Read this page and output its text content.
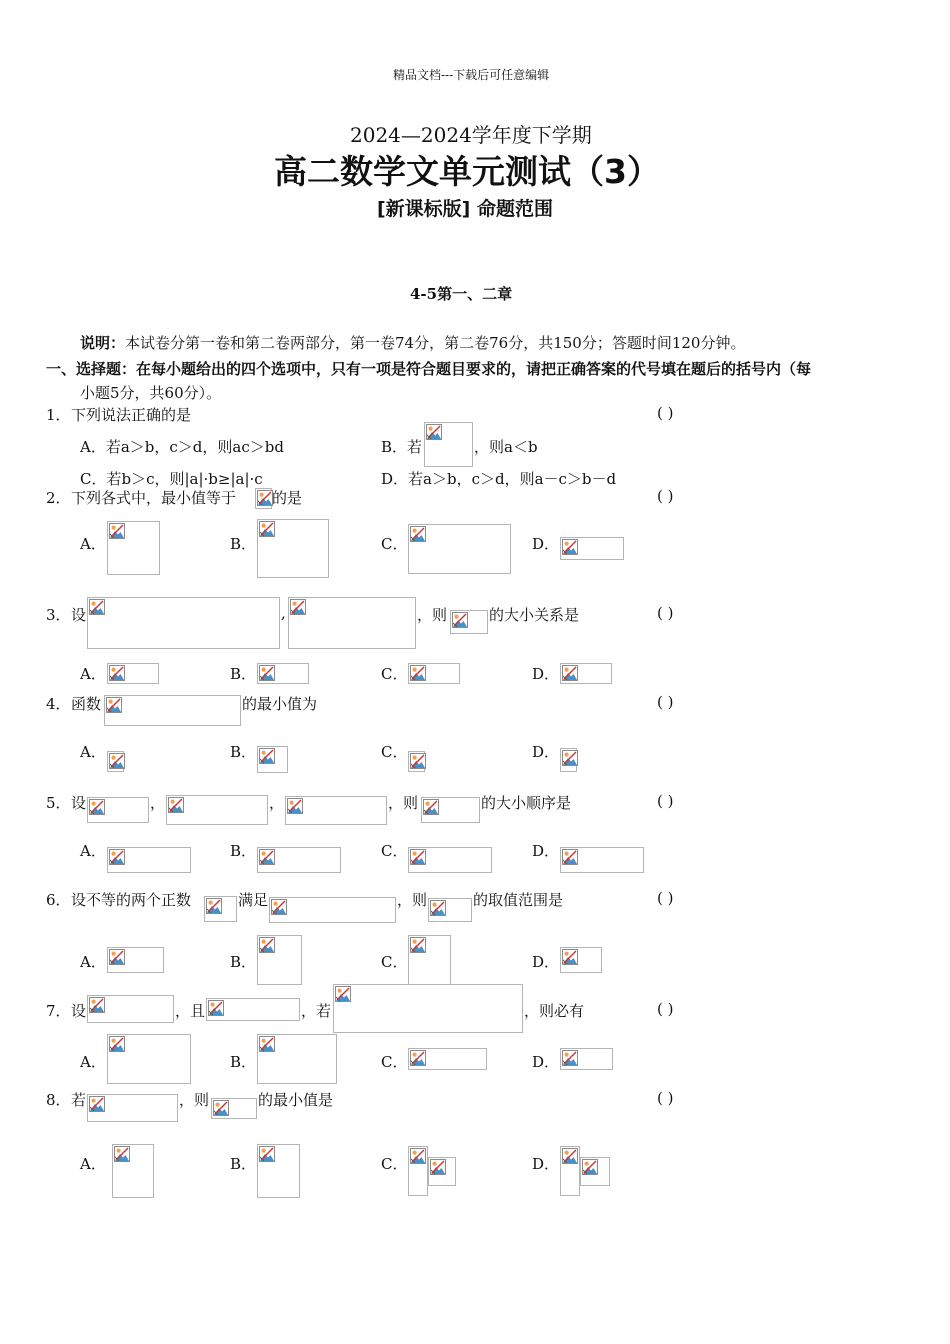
精品文档---下载后可任意编辑
2024—2024学年度下学期
高二数学文单元测试（3）
[新课标版] 命题范围
4-5第一、二章
说明：本试卷分第一卷和第二卷两部分，第一卷74分，第二卷76分，共150分；答题时间120分钟。
一、选择题：在每小题给出的四个选项中，只有一项是符合题目要求的，请把正确答案的代号填在题后的括号内（每
小题5分，共60分）。
1． 下列说法正确的是	( )
A．若a＞b，c＞d，则ac＞bd	B．若	，则a＜b
C．若b＞c，则|a|·b≥|a|·c	D．若a＞b，c＞d，则a－c＞b－d
2． 下列各式中，最小值等于 的是	( )
A．	B．	C．	D．
3． 设	,	，则	的大小关系是	( )
A．	B．	C．	D．
4． 函数	的最小值为	( )
A．	B．	C．	D．
5． 设	，	，	，则	的大小顺序是	( )
A．	B．	C．	D．
6． 设不等的两个正数	满足	，则	的取值范围是	( )
A．	B．	C．	D．
7． 设	，且	，若	，则必有	( )
A．	B．	C．	D．
8． 若	，则	的最小值是	( )
A．	B．	C．	D．
